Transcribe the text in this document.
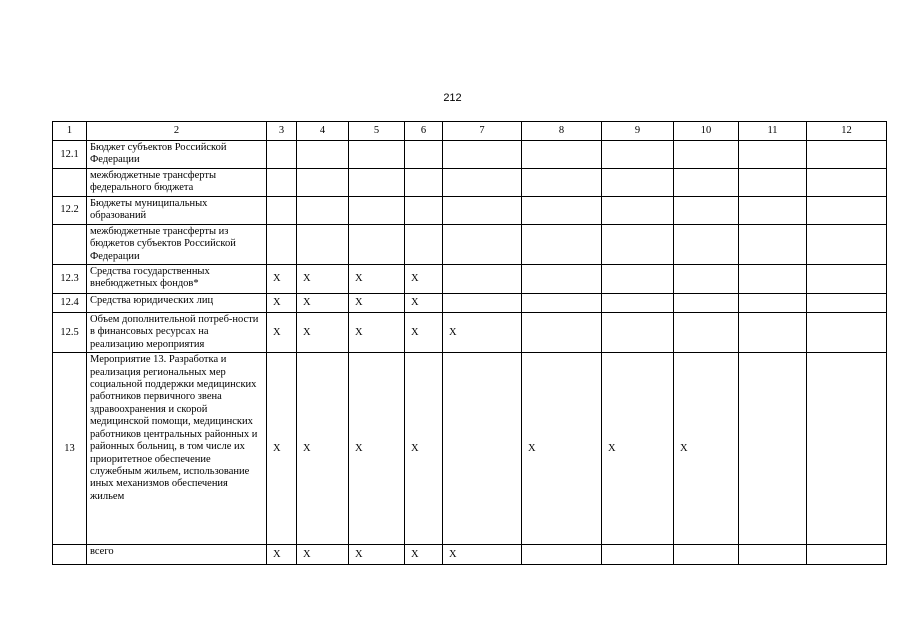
212
1	2	3	4	5	6	7	8	9	10	11	12
12.1	Бюджет субъектов Российской Федерации										
	межбюджетные трансферты федерального бюджета										
12.2	Бюджеты муниципальных образований										
	межбюджетные трансферты из бюджетов субъектов Российской Федерации										
12.3	Средства государственных внебюджетных фондов*	X	X	X	X						
12.4	Средства юридических лиц	X	X	X	X						
12.5	Объем дополнительной потреб-ности в финансовых ресурсах на реализацию мероприятия	X	X	X	X	X					
13	Мероприятие 13. Разработка и реализация региональных мер социальной поддержки медицинских работников первичного звена здравоохранения и скорой медицинской помощи, медицинских работников центральных районных и районных больниц, в том числе их приоритетное обеспечение служебным жильем, использование иных механизмов обеспечения жильем	X	X	X	X		X	X	X		
	всего	X	X	X	X	X					
